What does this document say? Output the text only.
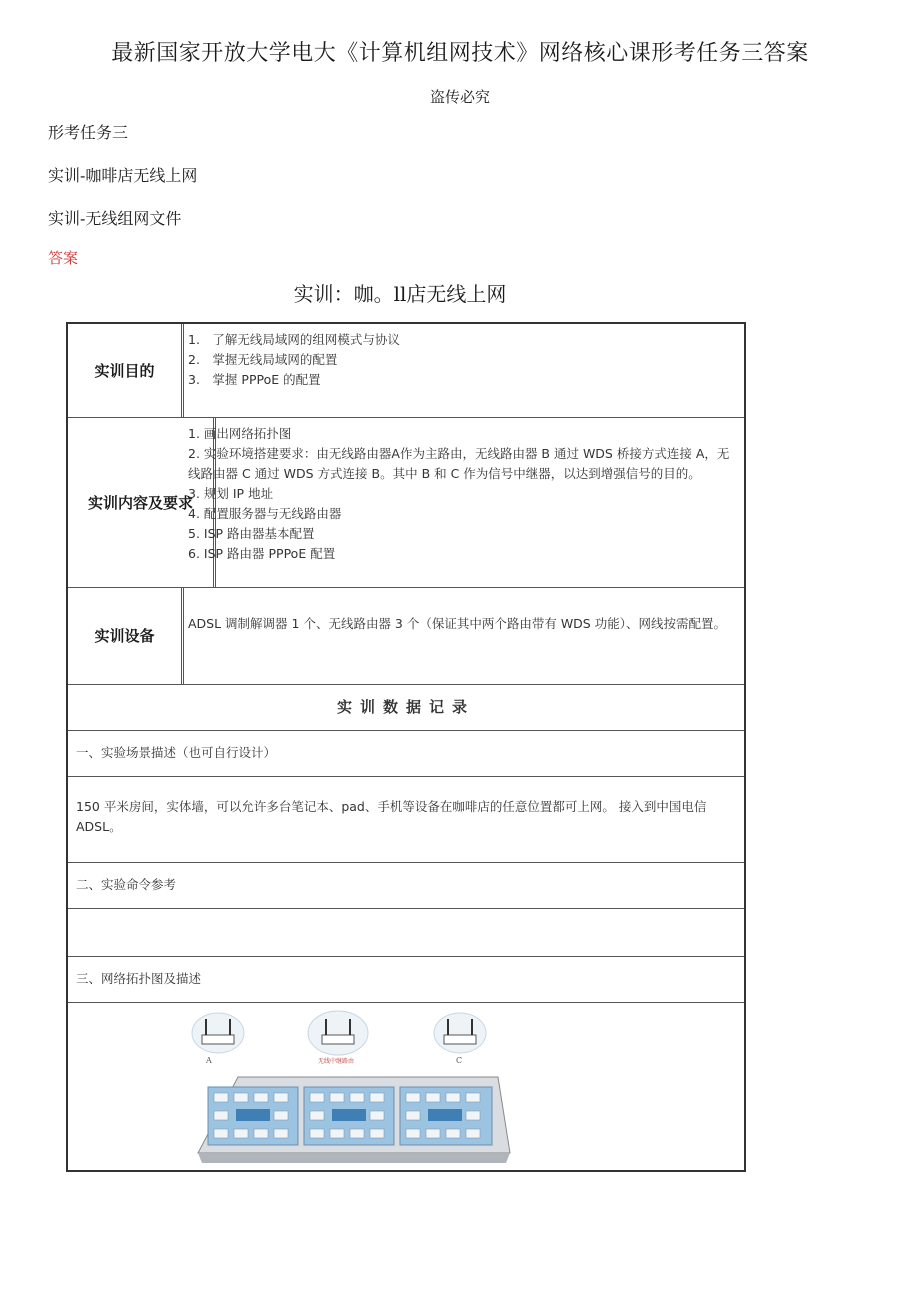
最新国家开放大学电大《计算机组网技术》网络核心课形考任务三答案
盗传必究
形考任务三
实训-咖啡店无线上网
实训-无线组网文件
答案
实训：咖。ll店无线上网
实训目的
1.　了解无线局域网的组网模式与协议
2.　掌握无线局域网的配置
3.　掌握 PPPoE 的配置
实训内容及要求
1. 画出网络拓扑图
2. 实验环境搭建要求：由无线路由器A作为主路由，无线路由器 B 通过 WDS 桥接方式连接 A，无线路由器 C 通过 WDS 方式连接 B。其中 B 和 C 作为信号中继器，以达到增强信号的目的。
3. 规划 IP 地址
4. 配置服务器与无线路由器
5. ISP 路由器基本配置
6. ISP 路由器 PPPoE 配置
实训设备
ADSL 调制解调器 1 个、无线路由器 3 个（保证其中两个路由带有 WDS 功能）、网线按需配置。
实训数据记录
一、实验场景描述（也可自行设计）
150 平米房间，实体墙，可以允许多台笔记本、pad、手机等设备在咖啡店的任意位置都可上网。 接入到中国电信 ADSL。
二、实验命令参考
三、网络拓扑图及描述
A	无线中继路由	C
